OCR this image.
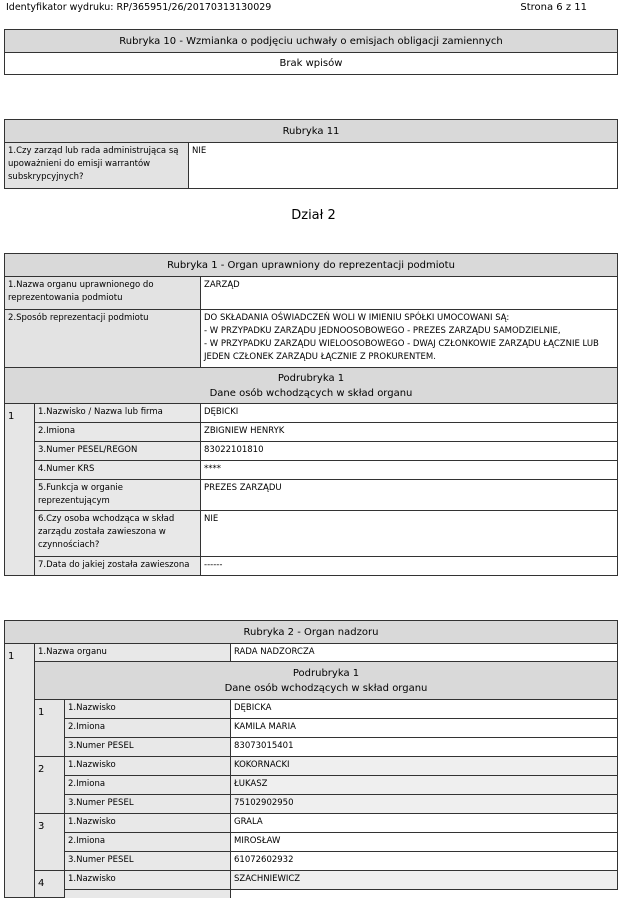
Identyfikator wydruku: RP/365951/26/20170313130029	Strona 6 z 11
Rubryka 10 - Wzmianka o podjęciu uchwały o emisjach obligacji zamiennych
Brak wpisów
Rubryka 11
1.Czy zarząd lub rada administrująca są upoważnieni do emisji warrantów subskrypcyjnych?	NIE
Dział 2
Rubryka 1 - Organ uprawniony do reprezentacji podmiotu		
1.Nazwa organu uprawnionego do reprezentowania podmiotu		ZARZĄD
2.Sposób reprezentacji podmiotu		DO SKŁADANIA OŚWIADCZEŃ WOLI W IMIENIU SPÓŁKI UMOCOWANI SĄ:
- W PRZYPADKU ZARZĄDU JEDNOOSOBOWEGO - PREZES ZARZĄDU SAMODZIELNIE,
- W PRZYPADKU ZARZĄDU WIELOOSOBOWEGO - DWAJ CZŁONKOWIE ZARZĄDU ŁĄCZNIE LUB
JEDEN CZŁONEK ZARZĄDU ŁĄCZNIE Z PROKURENTEM.

Podrubryka 1
Dane osób wchodzących w skład organu		

1	1.Nazwisko / Nazwa lub firma	DĘBICKI
	2.Imiona	ZBIGNIEW HENRYK
	3.Numer PESEL/REGON	83022101810
	4.Numer KRS	****
	5.Funkcja w organie reprezentującym	PREZES ZARZĄDU
	6.Czy osoba wchodząca w skład zarządu została zawieszona w czynnościach?	NIE
	7.Data do jakiej została zawieszona	------
Rubryka 2 - Organ nadzoru			
1	1.Nazwa organu		RADA NADZORCZA

	Podrubryka 1
Dane osób wchodzących w skład organu		

	1	1.Nazwisko	DĘBICKA
		2.Imiona	KAMILA MARIA
		3.Numer PESEL	83073015401
	2	1.Nazwisko	KOKORNACKI
		2.Imiona	ŁUKASZ
		3.Numer PESEL	75102902950
	3	1.Nazwisko	GRALA
		2.Imiona	MIROSŁAW
		3.Numer PESEL	61072602932
	4	1.Nazwisko	SZACHNIEWICZ
